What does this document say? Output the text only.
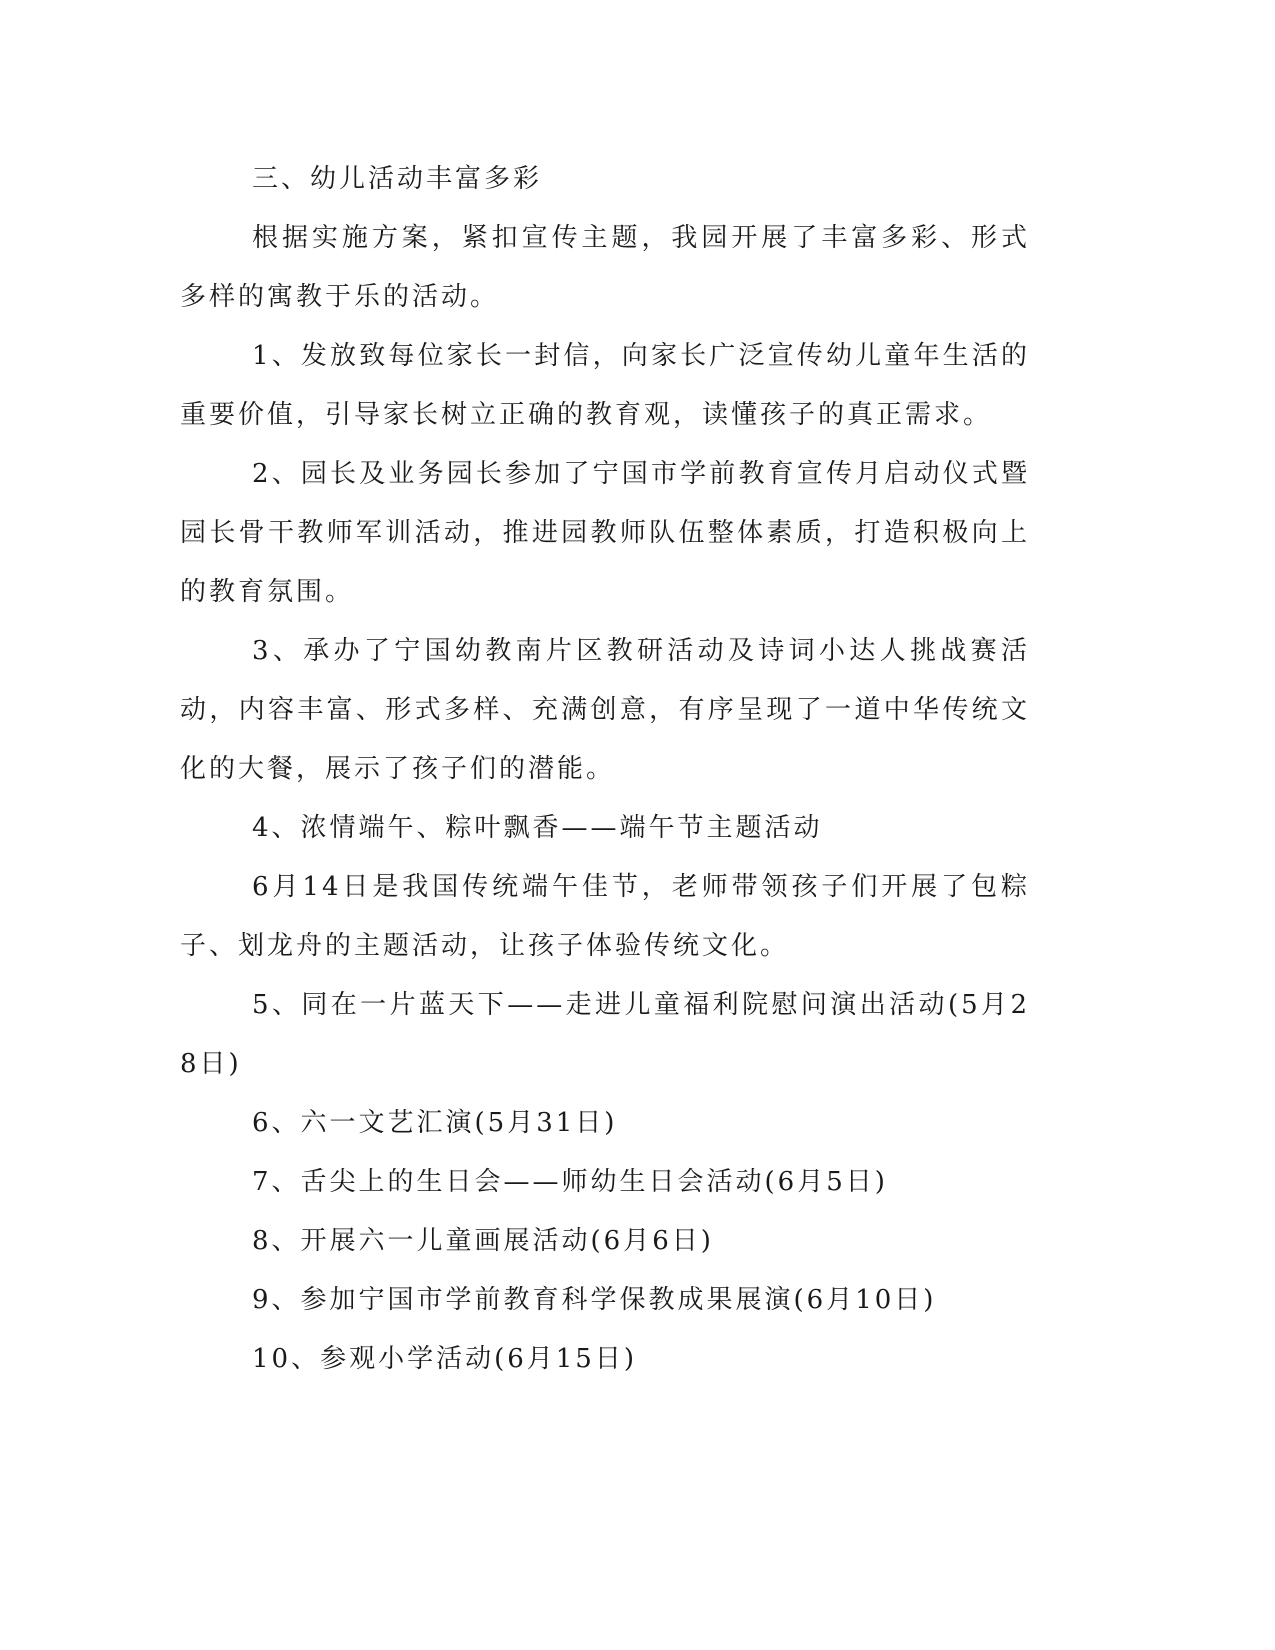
三、幼儿活动丰富多彩

根据实施方案，紧扣宣传主题，我园开展了丰富多彩、形式多样的寓教于乐的活动。

1、发放致每位家长一封信，向家长广泛宣传幼儿童年生活的重要价值，引导家长树立正确的教育观，读懂孩子的真正需求。

2、园长及业务园长参加了宁国市学前教育宣传月启动仪式暨园长骨干教师军训活动，推进园教师队伍整体素质，打造积极向上的教育氛围。

3、承办了宁国幼教南片区教研活动及诗词小达人挑战赛活动，内容丰富、形式多样、充满创意，有序呈现了一道中华传统文化的大餐，展示了孩子们的潜能。

4、浓情端午、粽叶飘香——端午节主题活动

6月14日是我国传统端午佳节，老师带领孩子们开展了包粽子、划龙舟的主题活动，让孩子体验传统文化。

5、同在一片蓝天下——走进儿童福利院慰问演出活动(5月28日)

6、六一文艺汇演(5月31日)

7、舌尖上的生日会——师幼生日会活动(6月5日)

8、开展六一儿童画展活动(6月6日)

9、参加宁国市学前教育科学保教成果展演(6月10日)

10、参观小学活动(6月15日)
